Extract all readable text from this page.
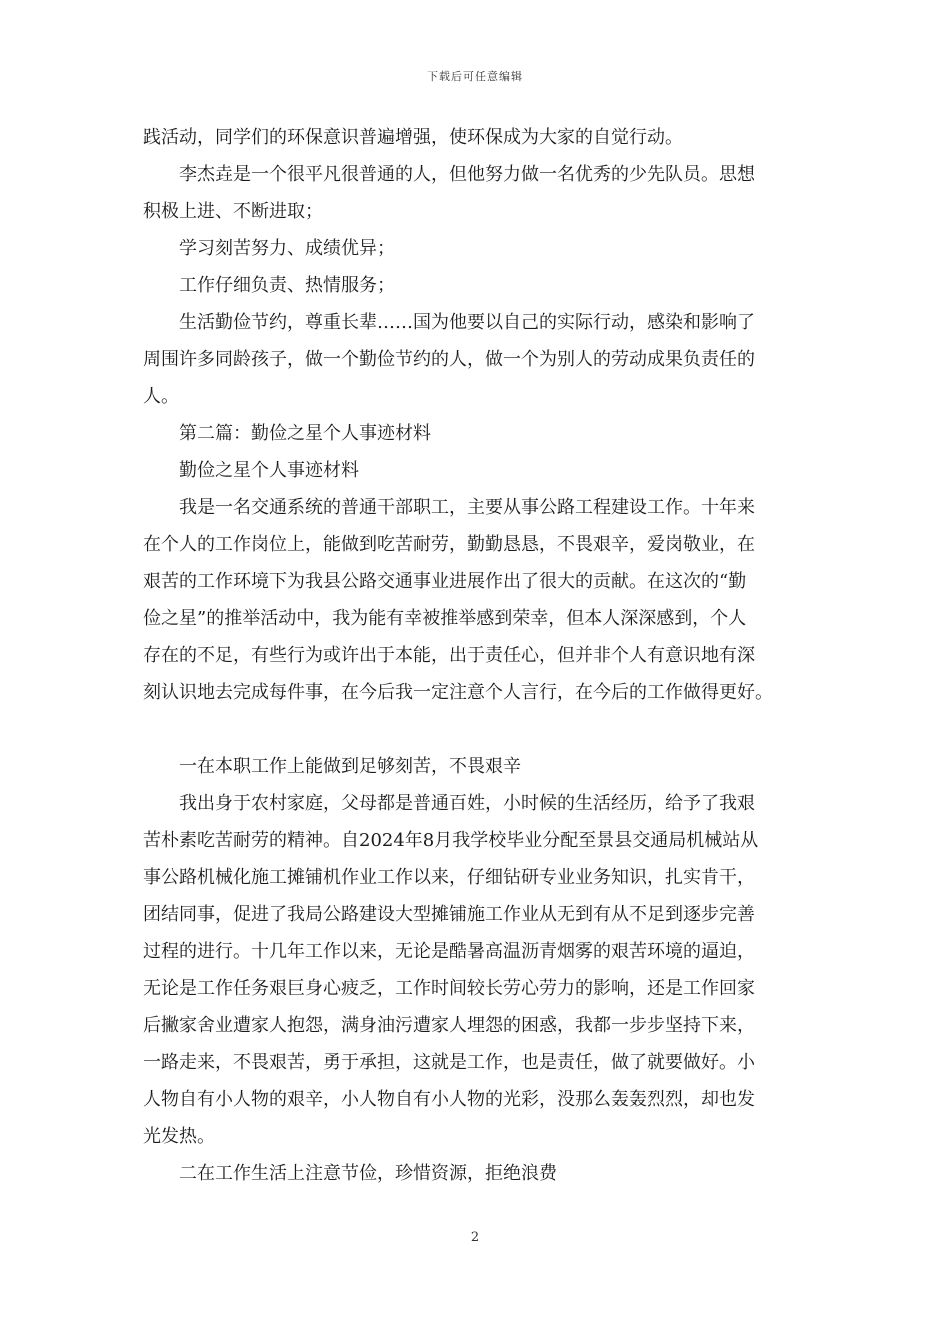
下载后可任意编辑

践活动，同学们的环保意识普遍增强，使环保成为大家的自觉行动。

　　李杰垚是一个很平凡很普通的人，但他努力做一名优秀的少先队员。思想

积极上进、不断进取；

　　学习刻苦努力、成绩优异；

　　工作仔细负责、热情服务；

　　生活勤俭节约，尊重长辈……国为他要以自己的实际行动，感染和影响了

周围许多同龄孩子，做一个勤俭节约的人，做一个为别人的劳动成果负责任的

人。

　　第二篇：勤俭之星个人事迹材料

　　勤俭之星个人事迹材料

　　我是一名交通系统的普通干部职工，主要从事公路工程建设工作。十年来

在个人的工作岗位上，能做到吃苦耐劳，勤勤恳恳，不畏艰辛，爱岗敬业，在

艰苦的工作环境下为我县公路交通事业进展作出了很大的贡献。在这次的“勤

俭之星”的推举活动中，我为能有幸被推举感到荣幸，但本人深深感到，个人

存在的不足，有些行为或许出于本能，出于责任心，但并非个人有意识地有深

刻认识地去完成每件事，在今后我一定注意个人言行，在今后的工作做得更好。

　　一在本职工作上能做到足够刻苦，不畏艰辛

　　我出身于农村家庭，父母都是普通百姓，小时候的生活经历，给予了我艰

苦朴素吃苦耐劳的精神。自2024年8月我学校毕业分配至景县交通局机械站从

事公路机械化施工摊铺机作业工作以来，仔细钻研专业业务知识，扎实肯干，

团结同事，促进了我局公路建设大型摊铺施工作业从无到有从不足到逐步完善

过程的进行。十几年工作以来，无论是酷暑高温沥青烟雾的艰苦环境的逼迫，

无论是工作任务艰巨身心疲乏，工作时间较长劳心劳力的影响，还是工作回家

后撇家舍业遭家人抱怨，满身油污遭家人埋怨的困惑，我都一步步坚持下来，

一路走来，不畏艰苦，勇于承担，这就是工作，也是责任，做了就要做好。小

人物自有小人物的艰辛，小人物自有小人物的光彩，没那么轰轰烈烈，却也发

光发热。

　　二在工作生活上注意节俭，珍惜资源，拒绝浪费

2
